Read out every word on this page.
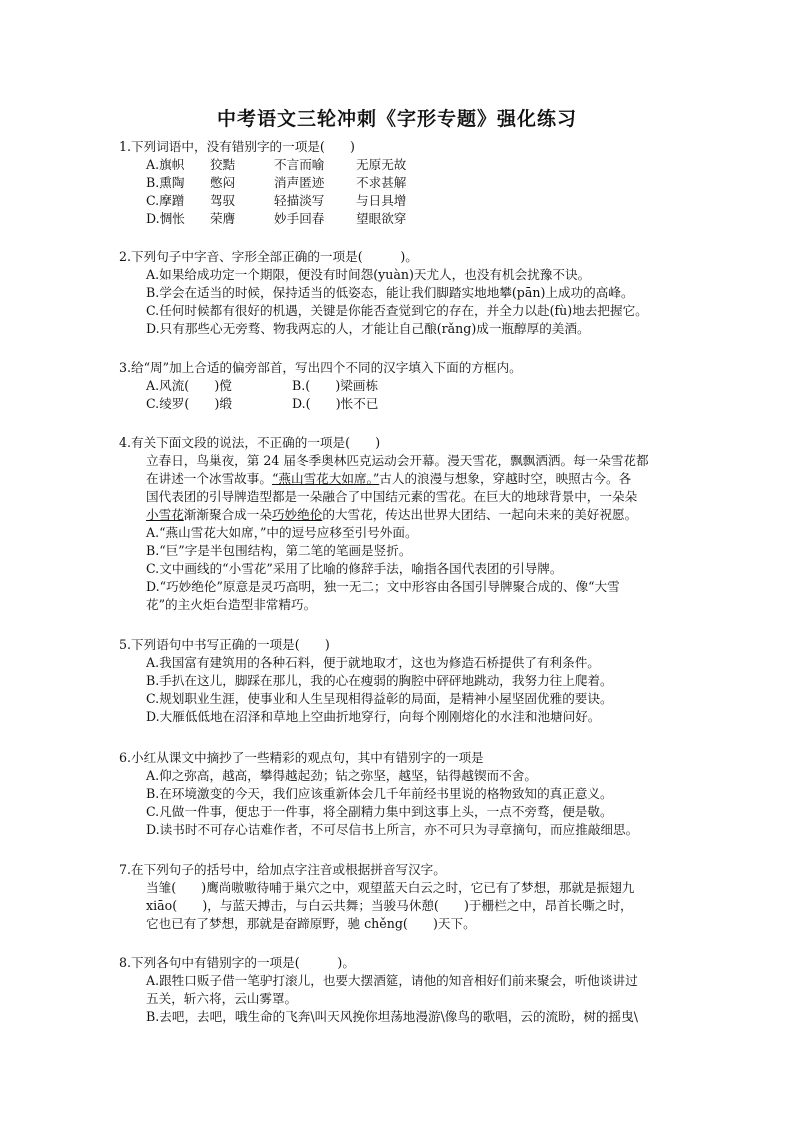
中考语文三轮冲刺《字形专题》强化练习
1.下列词语中，没有错别字的一项是(　　)
A.旗帜 狡黠	不言而喻	无原无故
B.熏陶 憋闷	消声匿迹	不求甚解
C.摩蹭 驾驭	轻描淡写	与日具增
D.惆怅 荣膺	妙手回春	望眼欲穿
2.下列句子中字音、字形全部正确的一项是(　　　)。
A.如果给成功定一个期限，便没有时间怨(yuàn)天尤人，也没有机会扰豫不诀。
B.学会在适当的时候，保持适当的低姿态，能让我们脚踏实地地攀(pān)上成功的高峰。
C.任何时候都有很好的机遇，关键是你能否查觉到它的存在，并全力以赴(fù)地去把握它。
D.只有那些心无旁骛、物我两忘的人，才能让自己酿(rǎng)成一瓶醇厚的美酒。
3.给“周”加上合适的偏旁部首，写出四个不同的汉字填入下面的方框内。
A.风流(　　)傥	B.(　　)梁画栋
C.绫罗(　　)缎	D.(　　)怅不已
4.有关下面文段的说法，不正确的一项是(　　)
立春日，鸟巢夜，第 24 届冬季奥林匹克运动会开幕。漫天雪花，飘飘洒洒。每一朵雪花都
在讲述一个冰雪故事。“燕山雪花大如席。”古人的浪漫与想象，穿越时空，映照古今。各
国代表团的引导牌造型都是一朵融合了中国结元素的雪花。在巨大的地球背景中，一朵朵
小雪花渐渐聚合成一朵巧妙绝伦的大雪花，传达出世界大团结、一起向未来的美好祝愿。
A.“燕山雪花大如席，”中的逗号应移至引号外面。
B.“巨”字是半包围结构，第二笔的笔画是竖折。
C.文中画线的“小雪花”采用了比喻的修辞手法，喻指各国代表团的引导牌。
D.“巧妙绝伦”原意是灵巧高明，独一无二；文中形容由各国引导牌聚合成的、像“大雪
花”的主火炬台造型非常精巧。
5.下列语句中书写正确的一项是(　　)
A.我国富有建筑用的各种石料，便于就地取才，这也为修造石桥提供了有利条件。
B.手扒在这儿，脚踩在那儿，我的心在瘦弱的胸腔中砰砰地跳动，我努力往上爬着。
C.规划职业生涯，使事业和人生呈现相得益彰的局面，是精神小屋坚固优雅的要诀。
D.大雁低低地在沼泽和草地上空曲折地穿行，向每个刚刚熔化的水洼和池塘问好。
6.小红从课文中摘抄了一些精彩的观点句，其中有错别字的一项是
A.仰之弥高，越高，攀得越起劲；钻之弥坚，越坚，钻得越锲而不舍。
B.在环境激变的今天，我们应该重新体会几千年前经书里说的格物致知的真正意义。
C.凡做一件事，便忠于一件事，将全副精力集中到这事上头，一点不旁骛，便是敬。
D.读书时不可存心诘难作者，不可尽信书上所言，亦不可只为寻章摘句，而应推敲细思。
7.在下列句子的括号中，给加点字注音或根据拼音写汉字。
当雏(　　)鹰尚嗷嗷待哺于巢穴之中，观望蓝天白云之时，它已有了梦想，那就是振翅九
xiāo(　　)，与蓝天搏击，与白云共舞；当骏马休憩(　　)于栅栏之中，昂首长嘶之时，
它也已有了梦想，那就是奋蹄原野，驰 chěng(　　)天下。
8.下列各句中有错别字的一项是(　　　)。
A.跟牲口贩子借一笔驴打滚儿，也要大摆酒筵，请他的知音相好们前来聚会，听他谈讲过
五关，斩六将，云山雾罩。
B.去吧，去吧，哦生命的飞奔\叫天风挽你坦荡地漫游\像鸟的歌唱，云的流盼，树的摇曳\
